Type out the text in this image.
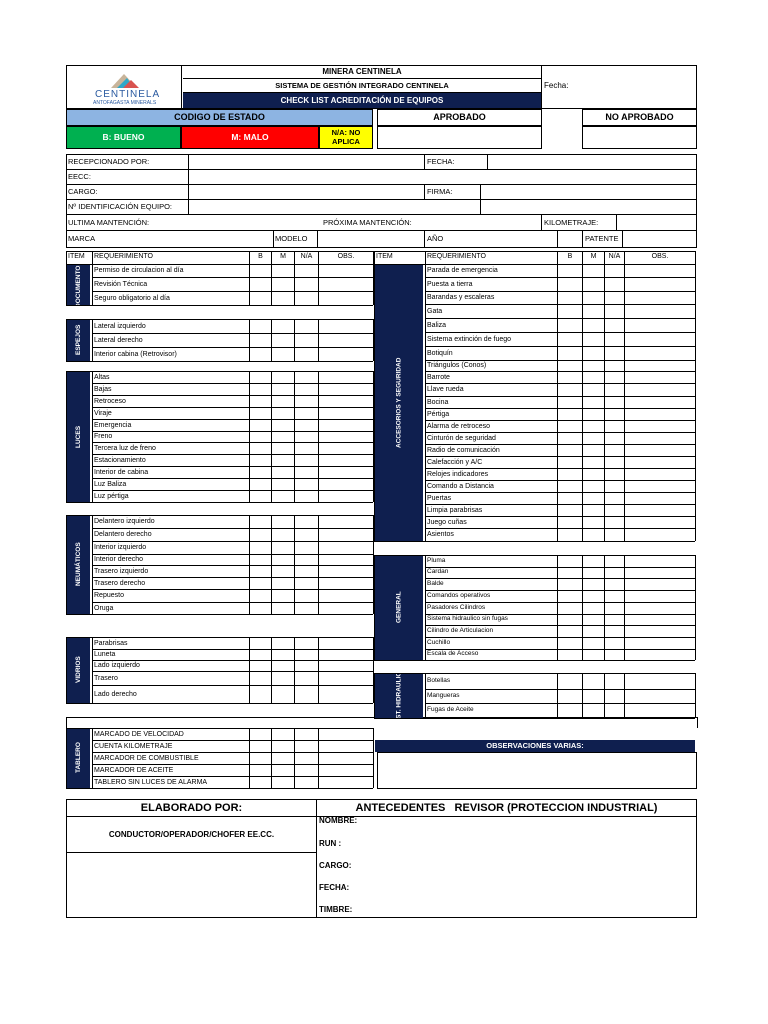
CENTINELA
ANTOFAGASTA MINERALS
MINERA CENTINELA
SISTEMA DE GESTIÓN INTEGRADO CENTINELA
CHECK LIST ACREDITACIÓN DE EQUIPOS
Fecha:
CODIGO DE ESTADO
B: BUENO	M: MALO	N/A: NO APLICA
APROBADO	NO APROBADO
RECEPCIONADO POR:	FECHA:
EECC:
CARGO:	FIRMA:
Nº IDENTIFICACIÓN EQUIPO:
ULTIMA MANTENCIÓN:	PRÓXIMA MANTENCIÓN:	KILOMETRAJE:
MARCA	MODELO	AÑO	PATENTE
ITEM	REQUERIMIENTO	B	M	N/A	OBS.
DOCUMENTOS	Permiso de circulacion al día
Revisión Técnica
Seguro obligatorio al día
ESPEJOS	Lateral izquierdo
Lateral derecho
Interior cabina (Retrovisor)
LUCES
Altas
Bajas
Retroceso
Viraje
Emergencia
Freno
Tercera luz de freno
Estacionamiento
Interior de cabina
Luz Baliza
Luz pértiga
NEUMÁTICOS
Delantero izquierdo
Delantero derecho
Interior izquierdo
Interior derecho
Trasero izquierdo
Trasero derecho
Repuesto
Oruga
VIDRIOS
Parabrisas
Luneta
Lado izquierdo
Trasero
Lado derecho
TABLERO
MARCADO DE VELOCIDAD
CUENTA KILOMETRAJE
MARCADOR DE COMBUSTIBLE
MARCADOR DE ACEITE
TABLERO SIN LUCES DE ALARMA
ITEM	REQUERIMIENTO	B	M	N/A	OBS.
ACCESORIOS Y SEGURIDAD
Parada de emergencia
Puesta a tierra
Barandas y escaleras
Gata
Baliza
Sistema extinción de fuego
Botiquín
Triángulos (Conos)
Barrote
Llave rueda
Bocina
Pértiga
Alarma de retroceso
Cinturón de seguridad
Radio de comunicación
Calefacción y A/C
Relojes indicadores
Comando a Distancia
Puertas
Limpia parabrisas
Juego cuñas
Asientos
GENERAL
Pluma
Cardan
Balde
Comandos operativos
Pasadores Cilindros
Sistema hidraulico sin fugas
Cilindro de Articulacion
Cuchillo
Escala de Acceso
SIST. HIDRAULICO	Botellas
Mangueras
Fugas de Aceite
OBSERVACIONES VARIAS:
ELABORADO POR:	ANTECEDENTES   REVISOR (PROTECCION INDUSTRIAL)
CONDUCTOR/OPERADOR/CHOFER EE.CC.
NOMBRE:
RUN :
CARGO:
FECHA:
TIMBRE:
